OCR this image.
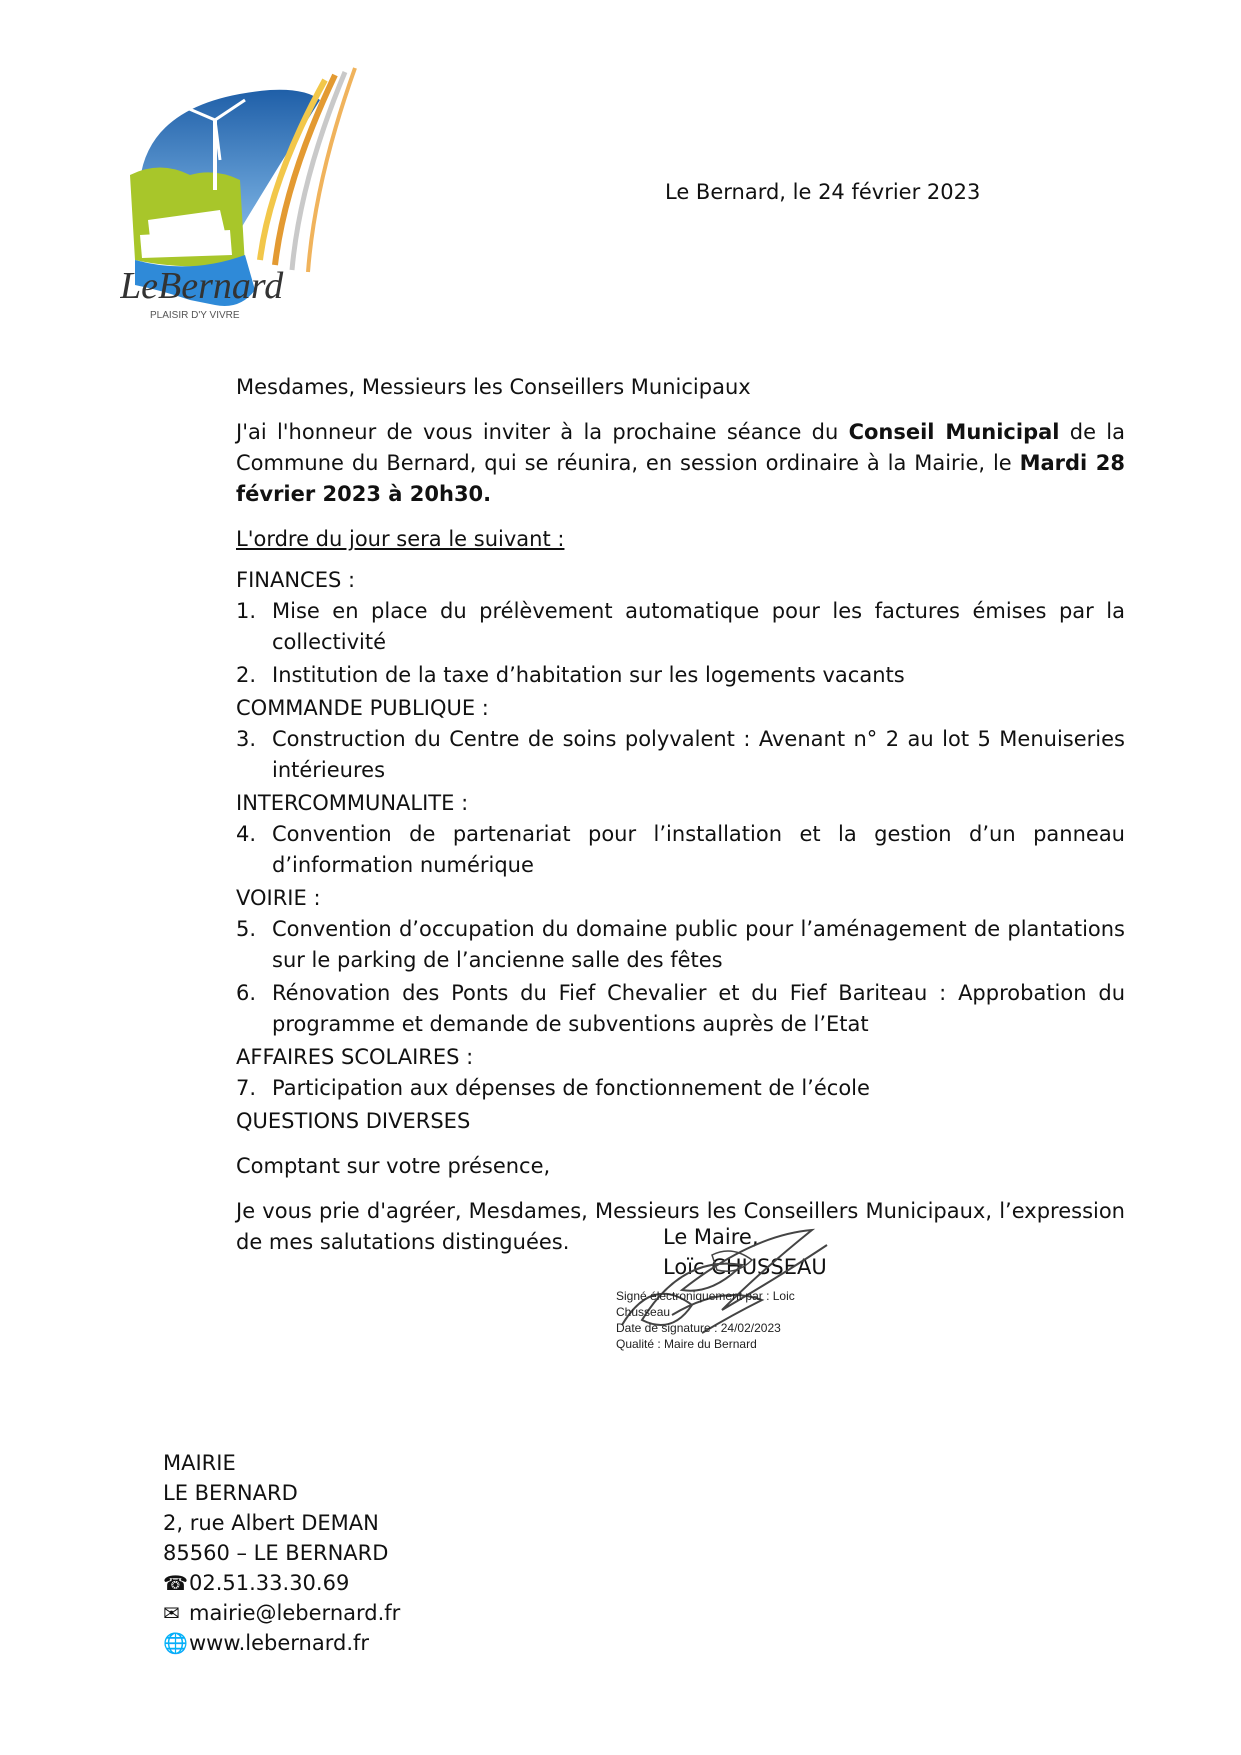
LeBernard
PLAISIR D'Y VIVRE
Le Bernard, le 24 février 2023

Mesdames, Messieurs les Conseillers Municipaux

J'ai l'honneur de vous inviter à la prochaine séance du Conseil Municipal de la Commune du Bernard, qui se réunira, en session ordinaire à la Mairie, le Mardi 28 février 2023 à 20h30.

L'ordre du jour sera le suivant :
FINANCES :
1. Mise en place du prélèvement automatique pour les factures émises par la collectivité
2. Institution de la taxe d’habitation sur les logements vacants
COMMANDE PUBLIQUE :
3. Construction du Centre de soins polyvalent : Avenant n° 2 au lot 5 Menuiseries intérieures
INTERCOMMUNALITE :
4. Convention de partenariat pour l’installation et la gestion d’un panneau d’information numérique
VOIRIE :
5. Convention d’occupation du domaine public pour l’aménagement de plantations sur le parking de l’ancienne salle des fêtes
6. Rénovation des Ponts du Fief Chevalier et du Fief Bariteau : Approbation du programme et demande de subventions auprès de l’Etat
AFFAIRES SCOLAIRES :
7. Participation aux dépenses de fonctionnement de l’école
QUESTIONS DIVERSES

Comptant sur votre présence,

Je vous prie d'agréer, Mesdames, Messieurs les Conseillers Municipaux, l’expression de mes salutations distinguées.	Le Maire,
Loïc CHUSSEAU
Signé électroniquement par : Loic
Chusseau
Date de signature : 24/02/2023
Qualité : Maire du Bernard
MAIRIE
LE BERNARD
2, rue Albert DEMAN
85560 – LE BERNARD
☎ 02.51.33.30.69
✉ mairie@lebernard.fr
🌐 www.lebernard.fr
